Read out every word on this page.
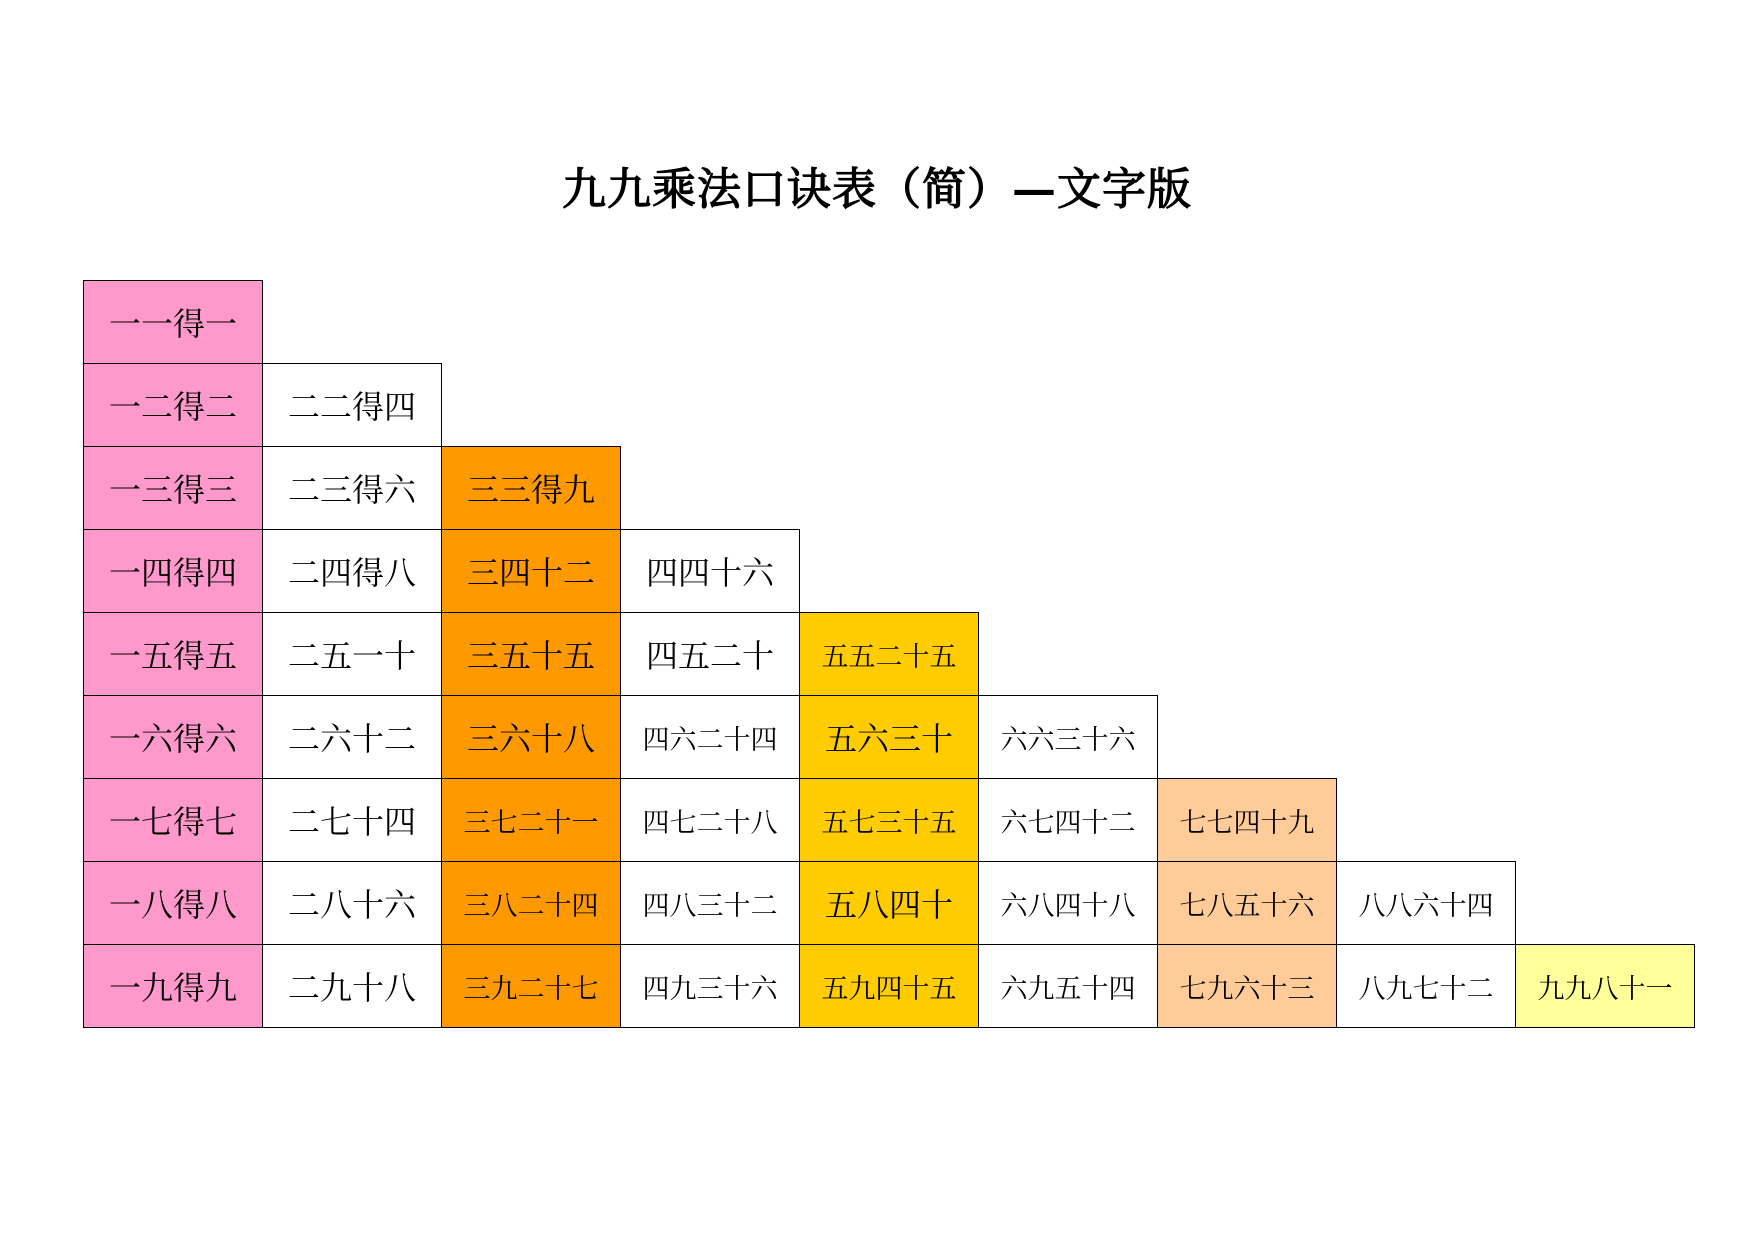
九九乘法口诀表（简）—文字版
一一得一
一二得二
一三得三
一四得四
一五得五
一六得六
一七得七
一八得八
一九得九
二二得四
二三得六
二四得八
二五一十
二六十二
二七十四
二八十六
二九十八
三三得九
三四十二
三五十五
三六十八
三七二十一
三八二十四
三九二十七
四四十六
四五二十
四六二十四
四七二十八
四八三十二
四九三十六
五五二十五
五六三十
五七三十五
五八四十
五九四十五
六六三十六
六七四十二
六八四十八
六九五十四
七七四十九
七八五十六
七九六十三
八八六十四
八九七十二	九九八十一
